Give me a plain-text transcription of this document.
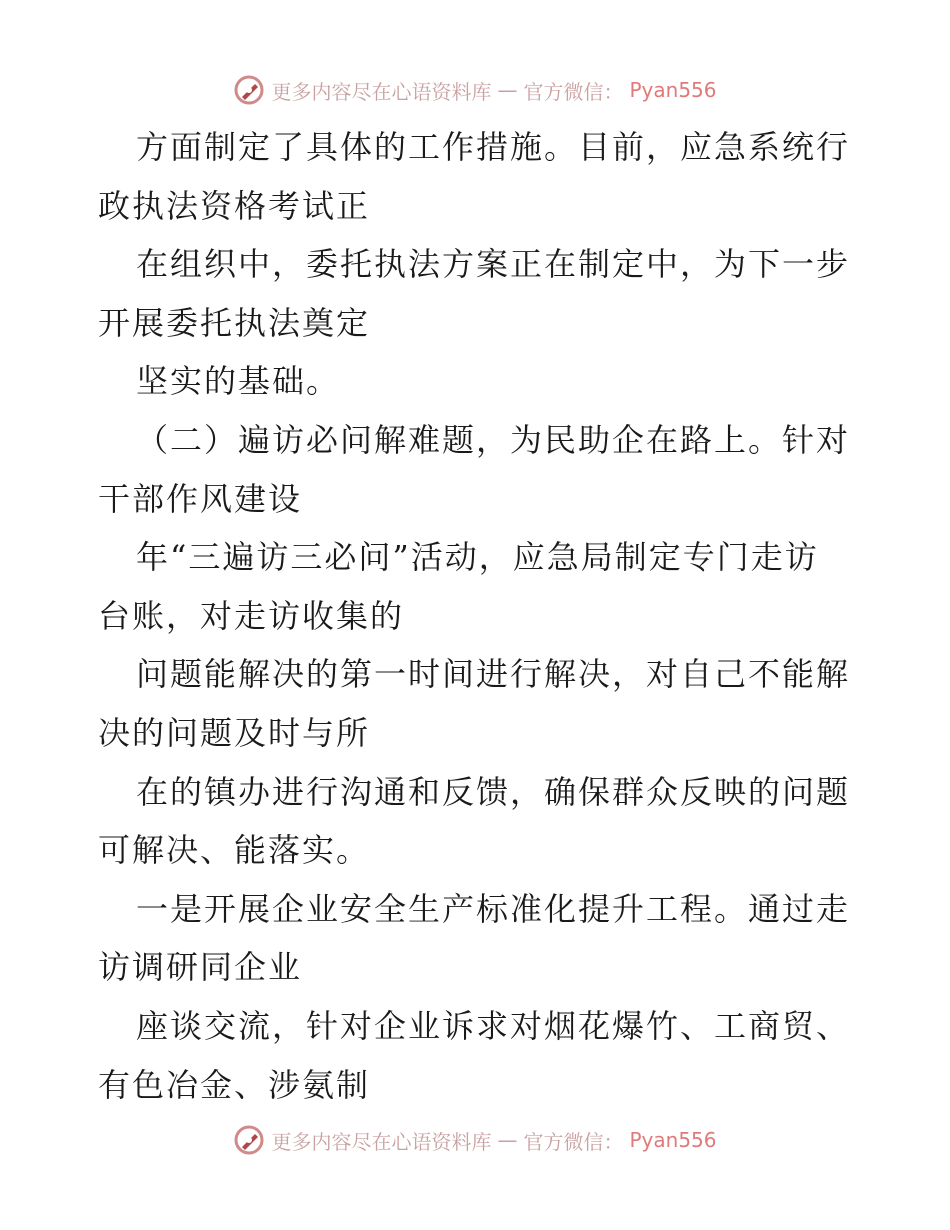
更多内容尽在心语资料库 — 官方微信： Pyan556
方面制定了具体的工作措施。目前，应急系统行
政执法资格考试正
在组织中，委托执法方案正在制定中，为下一步
开展委托执法奠定
坚实的基础。
（二）遍访必问解难题，为民助企在路上。针对
干部作风建设
年“三遍访三必问”活动，应急局制定专门走访
台账，对走访收集的
问题能解决的第一时间进行解决，对自己不能解
决的问题及时与所
在的镇办进行沟通和反馈，确保群众反映的问题
可解决、能落实。
一是开展企业安全生产标准化提升工程。通过走
访调研同企业
座谈交流，针对企业诉求对烟花爆竹、工商贸、
有色冶金、涉氨制
更多内容尽在心语资料库 — 官方微信： Pyan556
